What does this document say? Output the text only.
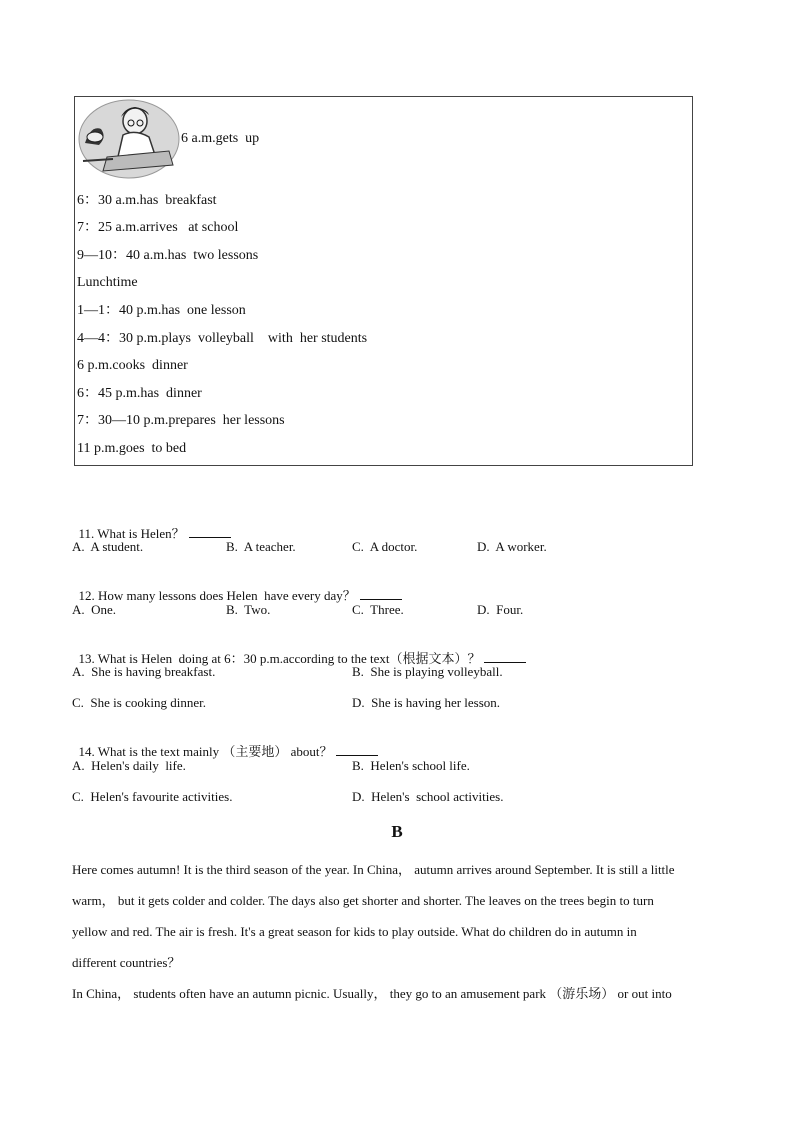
6 a.m.gets  up
6：30 a.m.has  breakfast
7：25 a.m.arrives   at school
9—10：40 a.m.has  two lessons
Lunchtime
1—1：40 p.m.has  one lesson
4—4：30 p.m.plays  volleyball    with  her students
6 p.m.cooks  dinner
6：45 p.m.has  dinner
7：30—10 p.m.prepares  her lessons
11 p.m.goes  to bed

11. What is Helen？

A.  A student.	B.  A teacher.	C.  A doctor.	D.  A worker.

12. How many lessons does Helen  have every day？

A.  One.	B.  Two.	C.  Three.	D.  Four.

13. What is Helen  doing at 6：30 p.m.according to the text（根据文本）？

A.  She is having breakfast.	B.  She is playing volleyball.
C.  She is cooking dinner.	D.  She is having her lesson.

14. What is the text mainly （主要地） about？

A.  Helen's daily  life.	B.  Helen's school life.
C.  Helen's favourite activities.	D.  Helen's  school activities.
B
Here comes autumn! It is the third season of the year. In China， autumn arrives around September. It is still a little
warm， but it gets colder and colder. The days also get shorter and shorter. The leaves on the trees begin to turn
yellow and red. The air is fresh. It's a great season for kids to play outside. What do children do in autumn in
different countries？
In China， students often have an autumn picnic. Usually， they go to an amusement park （游乐场） or out into
